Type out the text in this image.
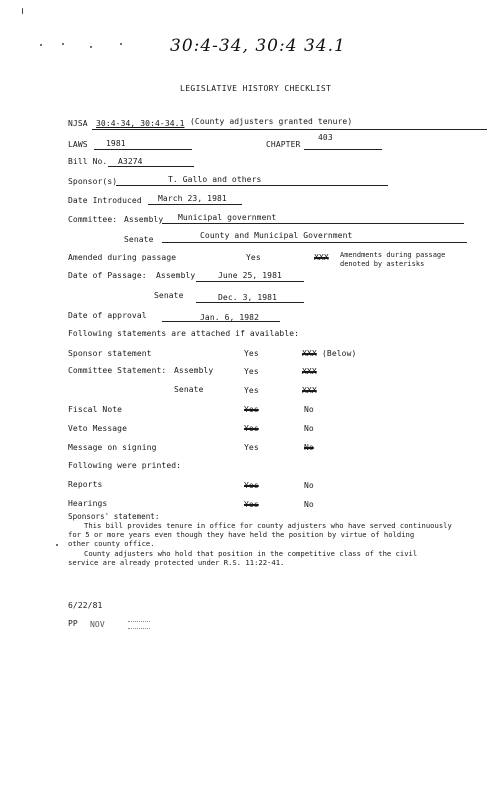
30:4-34, 30:4 34.1
LEGISLATIVE HISTORY CHECKLIST
NJSA 30:4-34, 30:4-34.1 (County adjusters granted tenure)
LAWS 1981	CHAPTER
403
Bill No. A3274
Sponsor(s)	T. Gallo and others
Date Introduced March 23, 1981
Committee: Assembly Municipal government
Senate	County and Municipal Government
Amended during passage	Yes	XXX Amendments during passage
denoted by asterisks
Date of Passage: Assembly	June 25, 1981
Senate	Dec. 3, 1981
Date of approval	Jan. 6, 1982
Following statements are attached if available:
Sponsor statement	Yes	XXX (Below)
Committee Statement: Assembly	Yes	XXX
Senate	Yes	XXX
Fiscal Note	Yes	No
Veto Message	Yes	No
Message on signing	Yes	No
Following were printed:
Reports	Yes	No
Hearings	Yes	No
Sponsors' statement:
This bill provides tenure in office for county adjusters who have served continuously
for 5 or more years even though they have held the position by virtue of holding
other county office.
County adjusters who hold that position in the competitive class of the civil
service are already protected under R.S. 11:22-41.
6/22/81
PP NOV
